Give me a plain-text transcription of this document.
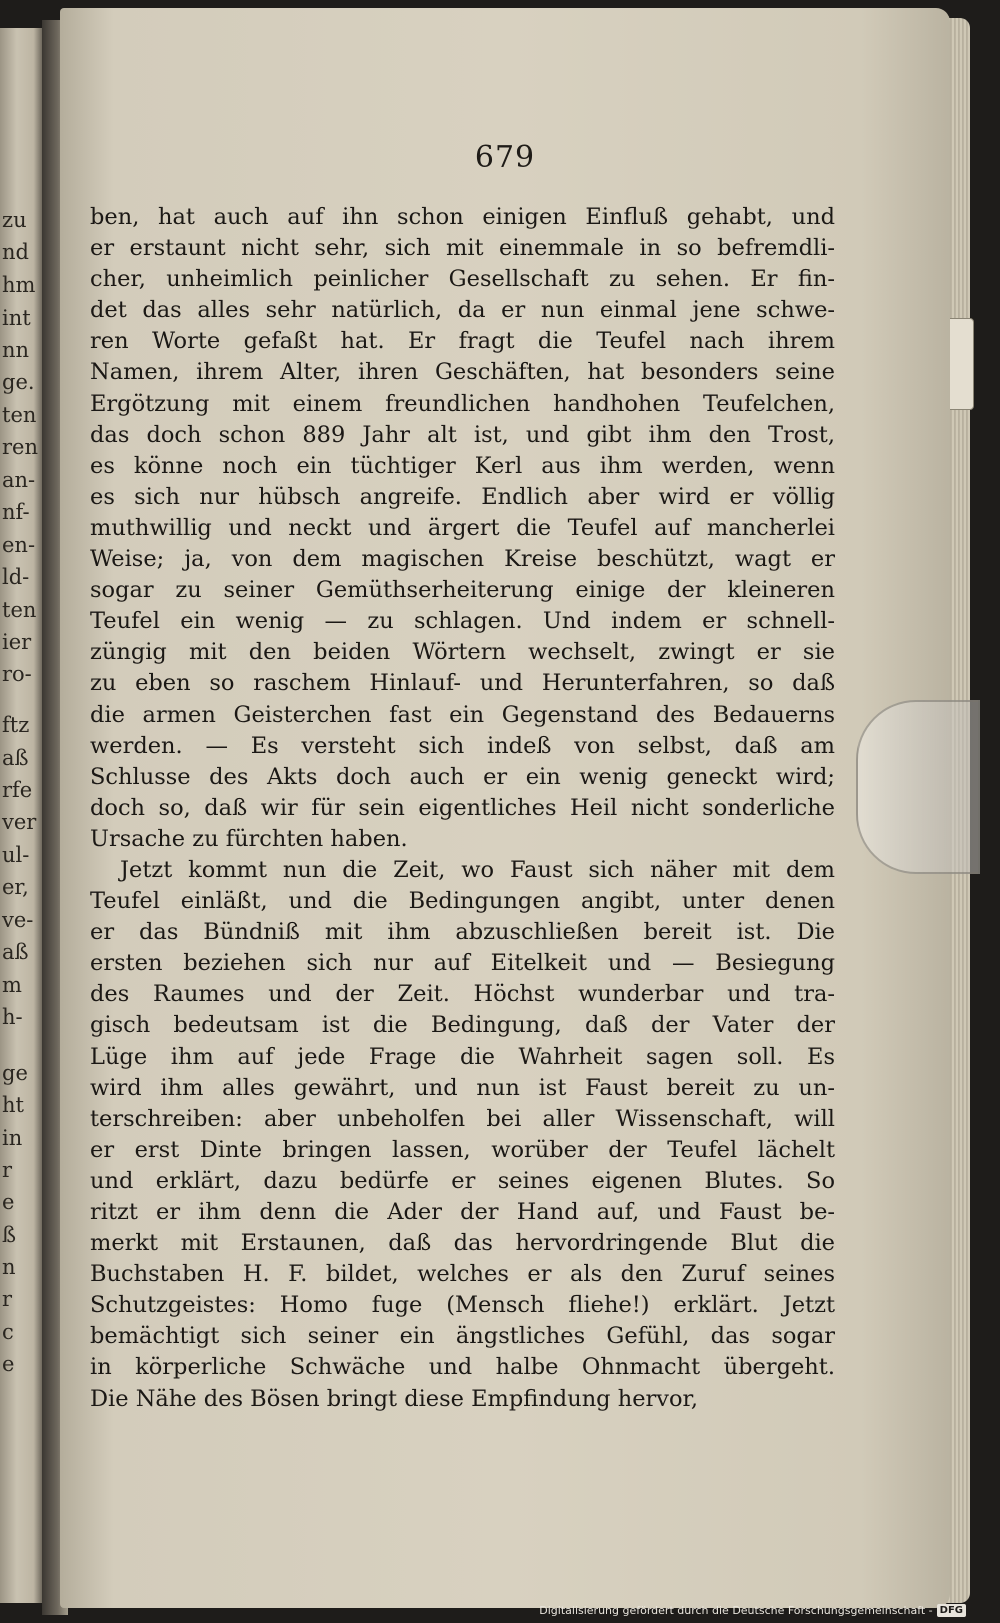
zu
nd
hm
int
nn
ge.
ten
ren
an-
nf-
en-
ld-
ten
ier
ro-
ftz
aß
rfe
ver
ul-
er,
ve-
aß
m
h-
ge
ht
in
r
e
ß
n
r
c
e
679
ben, hat auch auf ihn schon einigen Einfluß gehabt, und
er erstaunt nicht sehr, sich mit einemmale in so befremdli-
cher, unheimlich peinlicher Gesellschaft zu sehen. Er fin-
det das alles sehr natürlich, da er nun einmal jene schwe-
ren Worte gefaßt hat. Er fragt die Teufel nach ihrem
Namen, ihrem Alter, ihren Geschäften, hat besonders seine
Ergötzung mit einem freundlichen handhohen Teufelchen,
das doch schon 889 Jahr alt ist, und gibt ihm den Trost,
es könne noch ein tüchtiger Kerl aus ihm werden, wenn
es sich nur hübsch angreife. Endlich aber wird er völlig
muthwillig und neckt und ärgert die Teufel auf mancherlei
Weise; ja, von dem magischen Kreise beschützt, wagt er
sogar zu seiner Gemüthserheiterung einige der kleineren
Teufel ein wenig — zu schlagen. Und indem er schnell-
züngig mit den beiden Wörtern wechselt, zwingt er sie
zu eben so raschem Hinlauf- und Herunterfahren, so daß
die armen Geisterchen fast ein Gegenstand des Bedauerns
werden. — Es versteht sich indeß von selbst, daß am
Schlusse des Akts doch auch er ein wenig geneckt wird;
doch so, daß wir für sein eigentliches Heil nicht sonderliche
Ursache zu fürchten haben.
Jetzt kommt nun die Zeit, wo Faust sich näher mit dem
Teufel einläßt, und die Bedingungen angibt, unter denen
er das Bündniß mit ihm abzuschließen bereit ist. Die
ersten beziehen sich nur auf Eitelkeit und — Besiegung
des Raumes und der Zeit. Höchst wunderbar und tra-
gisch bedeutsam ist die Bedingung, daß der Vater der
Lüge ihm auf jede Frage die Wahrheit sagen soll. Es
wird ihm alles gewährt, und nun ist Faust bereit zu un-
terschreiben: aber unbeholfen bei aller Wissenschaft, will
er erst Dinte bringen lassen, worüber der Teufel lächelt
und erklärt, dazu bedürfe er seines eigenen Blutes. So
ritzt er ihm denn die Ader der Hand auf, und Faust be-
merkt mit Erstaunen, daß das hervordringende Blut die
Buchstaben H. F. bildet, welches er als den Zuruf seines
Schutzgeistes: Homo fuge (Mensch fliehe!) erklärt. Jetzt
bemächtigt sich seiner ein ängstliches Gefühl, das sogar
in körperliche Schwäche und halbe Ohnmacht übergeht.
Die Nähe des Bösen bringt diese Empfindung hervor,
Digitalisierung gefördert durch die Deutsche Forschungsgemeinschaft - DFG
